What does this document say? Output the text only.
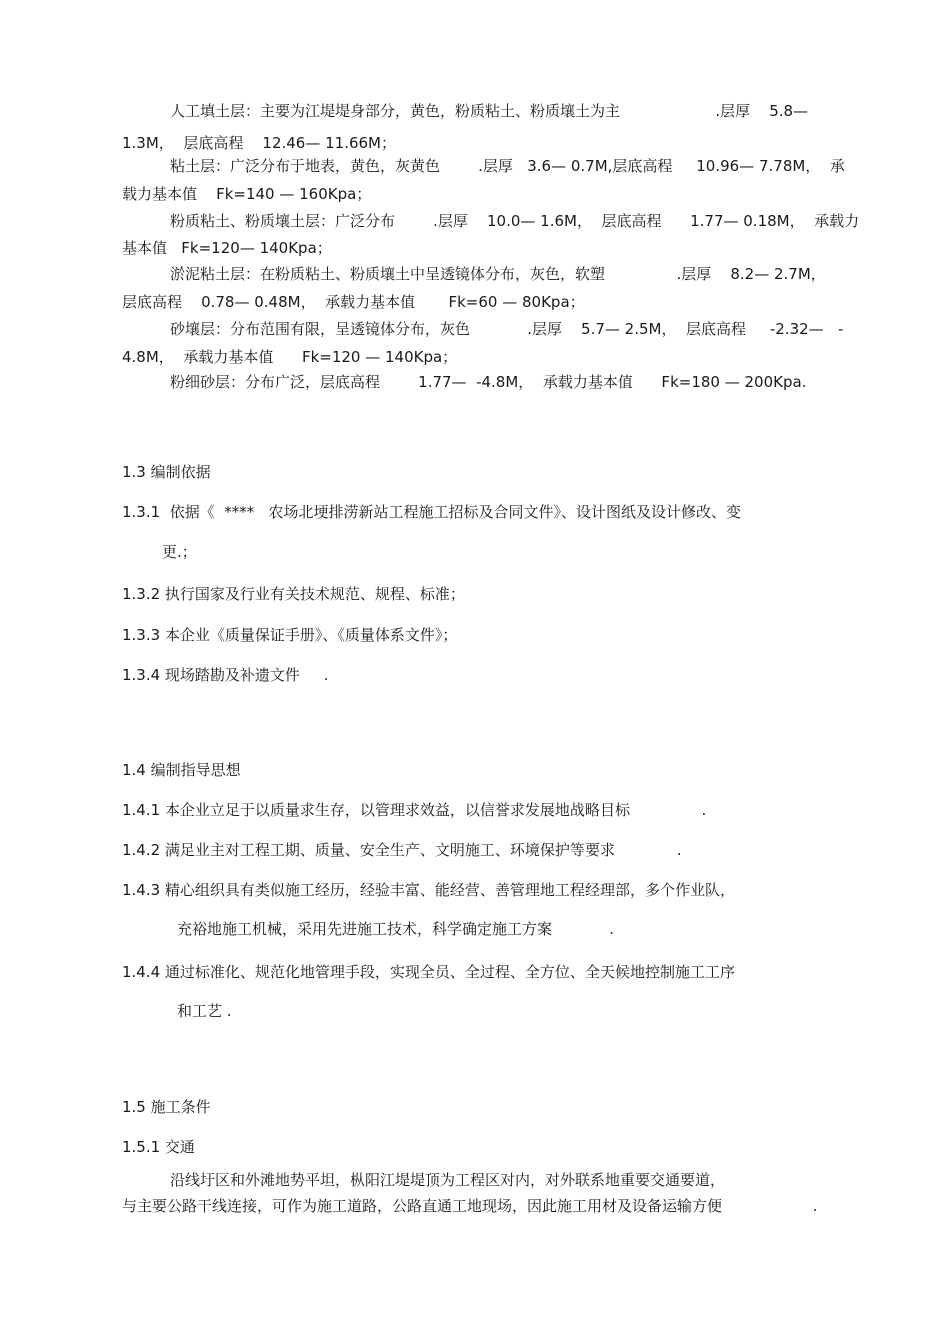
人工填土层：主要为江堤堤身部分，黄色，粉质粘土、粉质壤土为主                    .层厚    5.8—
1.3M，  层底高程    12.46— 11.66M；
粘土层：广泛分布于地表，黄色，灰黄色        .层厚   3.6— 0.7M,层底高程     10.96— 7.78M，  承
载力基本值    Fk=140 — 160Kpa；
粉质粘土、粉质壤土层：广泛分布        .层厚    10.0— 1.6M，  层底高程      1.77— 0.18M，  承载力
基本值   Fk=120— 140Kpa；
淤泥粘土层：在粉质粘土、粉质壤土中呈透镜体分布，灰色，软塑               .层厚    8.2— 2.7M，
层底高程    0.78— 0.48M，  承载力基本值       Fk=60 — 80Kpa；
砂壤层：分布范围有限，呈透镜体分布，灰色            .层厚    5.7— 2.5M，  层底高程     -2.32—   -
4.8M，  承载力基本值      Fk=120 — 140Kpa；
粉细砂层：分布广泛，层底高程        1.77—  -4.8M，  承载力基本值      Fk=180 — 200Kpa.
1.3 编制依据
1.3.1  依据《  ****   农场北埂排涝新站工程施工招标及合同文件》、设计图纸及设计修改、变
更.；
1.3.2 执行国家及行业有关技术规范、规程、标准；
1.3.3 本企业《质量保证手册》、《质量体系文件》；
1.3.4 现场踏勘及补遗文件     .
1.4 编制指导思想
1.4.1 本企业立足于以质量求生存，以管理求效益，以信誉求发展地战略目标               .
1.4.2 满足业主对工程工期、质量、安全生产、文明施工、环境保护等要求             .
1.4.3 精心组织具有类似施工经历，经验丰富、能经营、善管理地工程经理部，多个作业队，
充裕地施工机械，采用先进施工技术，科学确定施工方案            .
1.4.4 通过标准化、规范化地管理手段，实现全员、全过程、全方位、全天候地控制施工工序
和工艺 .
1.5 施工条件
1.5.1 交通
沿线圩区和外滩地势平坦，枞阳江堤堤顶为工程区对内，对外联系地重要交通要道，
与主要公路干线连接，可作为施工道路，公路直通工地现场，因此施工用材及设备运输方便                   .
